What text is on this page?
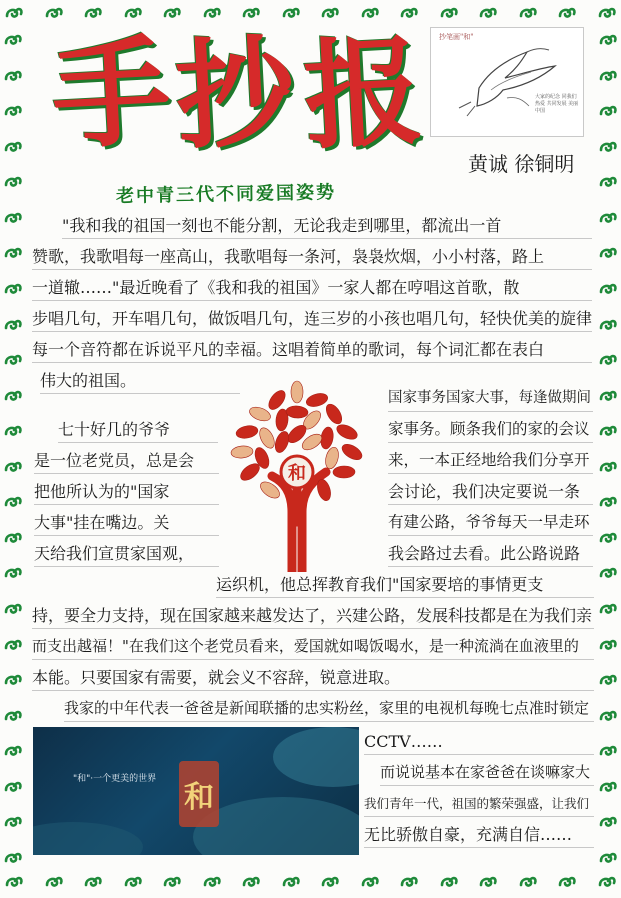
手
抄 报 抄笔画"和"
大家的纪念 同我们热爱 共同发展 美丽中国
黄诚 徐铜明
老中青三代不同爱国姿势
"我和我的祖国一刻也不能分割，无论我走到哪里，都流出一首
赞歌，我歌唱每一座高山，我歌唱每一条河，袅袅炊烟，小小村落，路上
一道辙……"最近晚看了《我和我的祖国》一家人都在哼唱这首歌，散
步唱几句，开车唱几句，做饭唱几句，连三岁的小孩也唱几句，轻快优美的旋律
每一个音符都在诉说平凡的幸福。这唱着简单的歌词，每个词汇都在表白
伟大的祖国。
国家事务国家大事，每逢做期间
七十好几的爷爷
是一位老党员，总是会
家事务。顾条我们的家的会议
把他所认为的"国家
来，一本正经地给我们分享开
大事"挂在嘴边。关
会讨论，我们决定要说一条
天给我们宣贯家国观，
有建公路，爷爷每天一早走环
我会路过去看。此公路说路
运织机，他总挥教育我们"国家要培的事情更支
持，要全力支持，现在国家越来越发达了，兴建公路，发展科技都是在为我们亲
而支出越福！"在我们这个老党员看来，爱国就如喝饭喝水，是一种流淌在血液里的
本能。只要国家有需要，就会义不容辞，锐意进取。
我家的中年代表一爸爸是新闻联播的忠实粉丝，家里的电视机每晚七点准时锁定
CCTV……
而说说基本在家爸爸在谈嘛家大
我们青年一代，祖国的繁荣强盛，让我们
无比骄傲自豪，充满自信……
和
和
"和"·一个更美的世界
